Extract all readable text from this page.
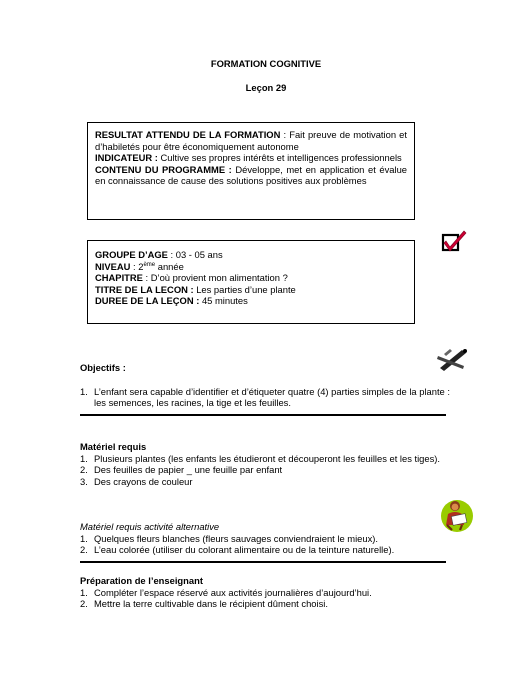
FORMATION COGNITIVE
Leçon 29

RESULTAT ATTENDU DE LA FORMATION : Fait preuve de motivation et d’habiletés pour être économiquement autonome

INDICATEUR : Cultive ses propres intérêts et intelligences professionnels

CONTENU DU PROGRAMME : Développe, met en application et évalue en connaissance de cause des solutions positives aux problèmes

GROUPE D’AGE : 03 - 05 ans

NIVEAU : 2ème année

CHAPITRE : D’où provient mon alimentation ?

TITRE DE LA LECON : Les parties d’une plante

DUREE DE LA LEÇON : 45 minutes

Objectifs :
1. L’enfant sera capable d’identifier et d’étiqueter quatre (4) parties simples de la plante : les semences, les racines, la tige et les feuilles.
Matériel requis
1. Plusieurs plantes (les enfants les étudieront et découperont les feuilles et les tiges).
2. Des feuilles de papier _ une feuille par enfant
3. Des crayons de couleur
Matériel requis activité alternative
1. Quelques fleurs blanches (fleurs sauvages conviendraient le mieux).
2. L’eau colorée (utiliser du colorant alimentaire ou de la teinture naturelle).
Préparation de l’enseignant
1. Compléter l’espace réservé aux activités journalières d’aujourd’hui.
2. Mettre la terre cultivable dans le récipient dûment choisi.
